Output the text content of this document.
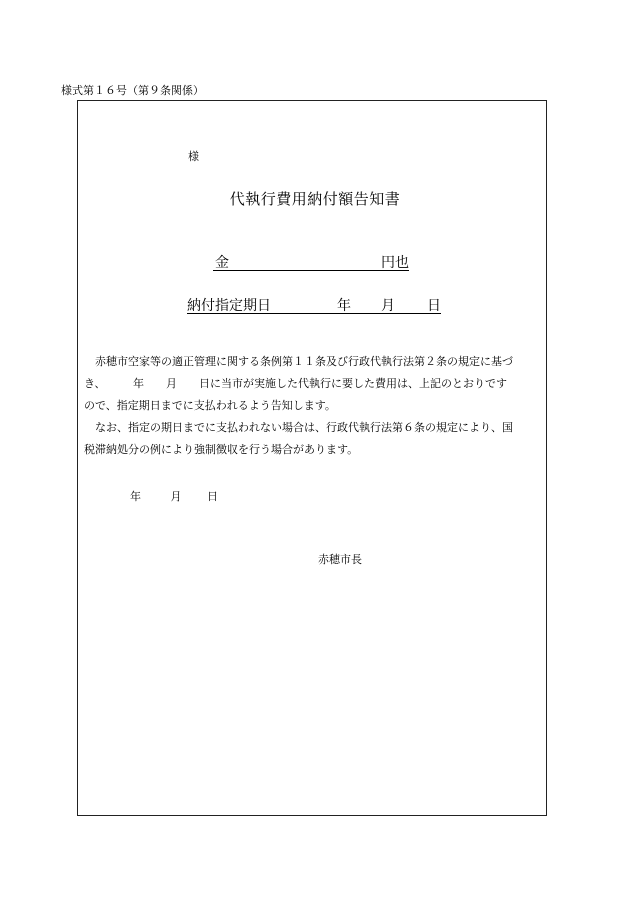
様式第１６号（第９条関係）
様
代執行費用納付額告知書
金	円也
納付指定期日	年 月 日

　赤穂市空家等の適正管理に関する条例第１１条及び行政代執行法第２条の規定に基づ

き、　　　年　　月　　日に当市が実施した代執行に要した費用は、上記のとおりです

ので、指定期日までに支払われるよう告知します。

　なお、指定の期日までに支払われない場合は、行政代執行法第６条の規定により、国

税滞納処分の例により強制徴収を行う場合があります。

年	月 日
赤穂市長
